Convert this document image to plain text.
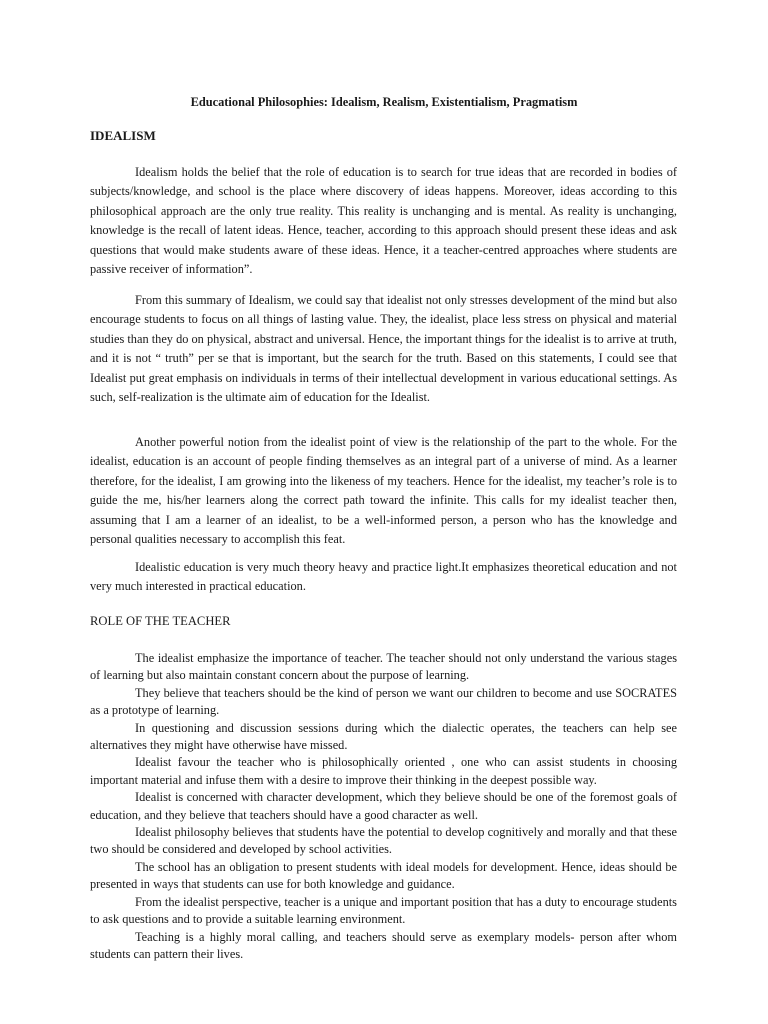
Educational Philosophies: Idealism, Realism, Existentialism, Pragmatism
IDEALISM

Idealism holds the belief that the role of education is to search for true ideas that are recorded in bodies of subjects/knowledge, and school is the place where discovery of ideas happens. Moreover, ideas according to this philosophical approach are the only true reality. This reality is unchanging and is mental. As reality is unchanging, knowledge is the recall of latent ideas. Hence, teacher, according to this approach should present these ideas and ask questions that would make students aware of these ideas. Hence, it a teacher-centred approaches where students are passive receiver of information”.

From this summary of Idealism, we could say that idealist not only stresses development of the mind but also encourage students to focus on all things of lasting value. They, the idealist, place less stress on physical and material studies than they do on physical, abstract and universal. Hence, the important things for the idealist is to arrive at truth, and it is not “ truth” per se that is important, but the search for the truth. Based on this statements, I could see that Idealist put great emphasis on individuals in terms of their intellectual development in various educational settings. As such, self-realization is the ultimate aim of education for the Idealist.

Another powerful notion from the idealist point of view is the relationship of the part to the whole. For the idealist, education is an account of people finding themselves as an integral part of a universe of mind. As a learner therefore, for the idealist, I am growing into the likeness of my teachers. Hence for the idealist, my teacher’s role is to guide the me, his/her learners along the correct path toward the infinite. This calls for my idealist teacher then, assuming that I am a learner of an idealist, to be a well-informed person, a person who has the knowledge and personal qualities necessary to accomplish this feat.

Idealistic education is very much theory heavy and practice light.It emphasizes theoretical education and not very much interested in practical education.

ROLE OF THE TEACHER

The idealist emphasize the importance of teacher. The teacher should not only understand the various stages of learning but also maintain constant concern about the purpose of learning.

They believe that teachers should be the kind of person we want our children to become and use SOCRATES as a prototype of learning.

In questioning and discussion sessions during which the dialectic operates, the teachers can help see alternatives they might have otherwise have missed.

Idealist favour the teacher who is philosophically oriented , one who can assist students in choosing important material and infuse them with a desire to improve their thinking in the deepest possible way.

Idealist is concerned with character development, which they believe should be one of the foremost goals of education, and they believe that teachers should have a good character as well.

Idealist philosophy believes that students have the potential to develop cognitively and morally and that these two should be considered and developed by school activities.

The school has an obligation to present students with ideal models for development. Hence, ideas should be presented in ways that students can use for both knowledge and guidance.

From the idealist perspective, teacher is a unique and important position that has a duty to encourage students to ask questions and to provide a suitable learning environment.

Teaching is a highly moral calling, and teachers should serve as exemplary models- person after whom students can pattern their lives.
